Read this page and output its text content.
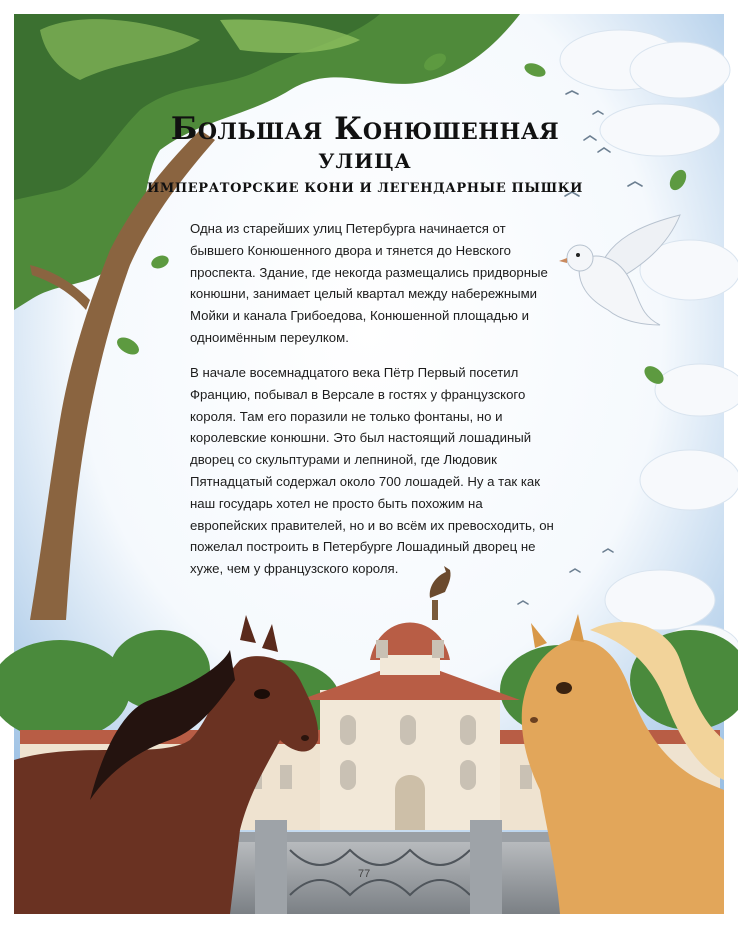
Большая Конюшенная
улица
ИМПЕРАТОРСКИЕ КОНИ И ЛЕГЕНДАРНЫЕ ПЫШКИ

Одна из старейших улиц Петербурга начинается от бывшего Конюшенного двора и тянется до Невского проспекта. Здание, где некогда размещались придворные конюшни, занимает целый квартал между набережными Мойки и канала Грибоедова, Конюшенной площадью и одноимённым переулком.

В начале восемнадцатого века Пётр Первый посетил Францию, побывал в Версале в гостях у французского короля. Там его поразили не только фонтаны, но и королевские конюшни. Это был настоящий лошадиный дворец со скульптурами и лепниной, где Людовик Пятнадцатый содержал около 700 лошадей. Ну а так как наш государь хотел не просто быть похожим на европейских правителей, но и во всём их превосходить, он пожелал построить в Петербурге Лошадиный дворец не хуже, чем у французского короля.

77
